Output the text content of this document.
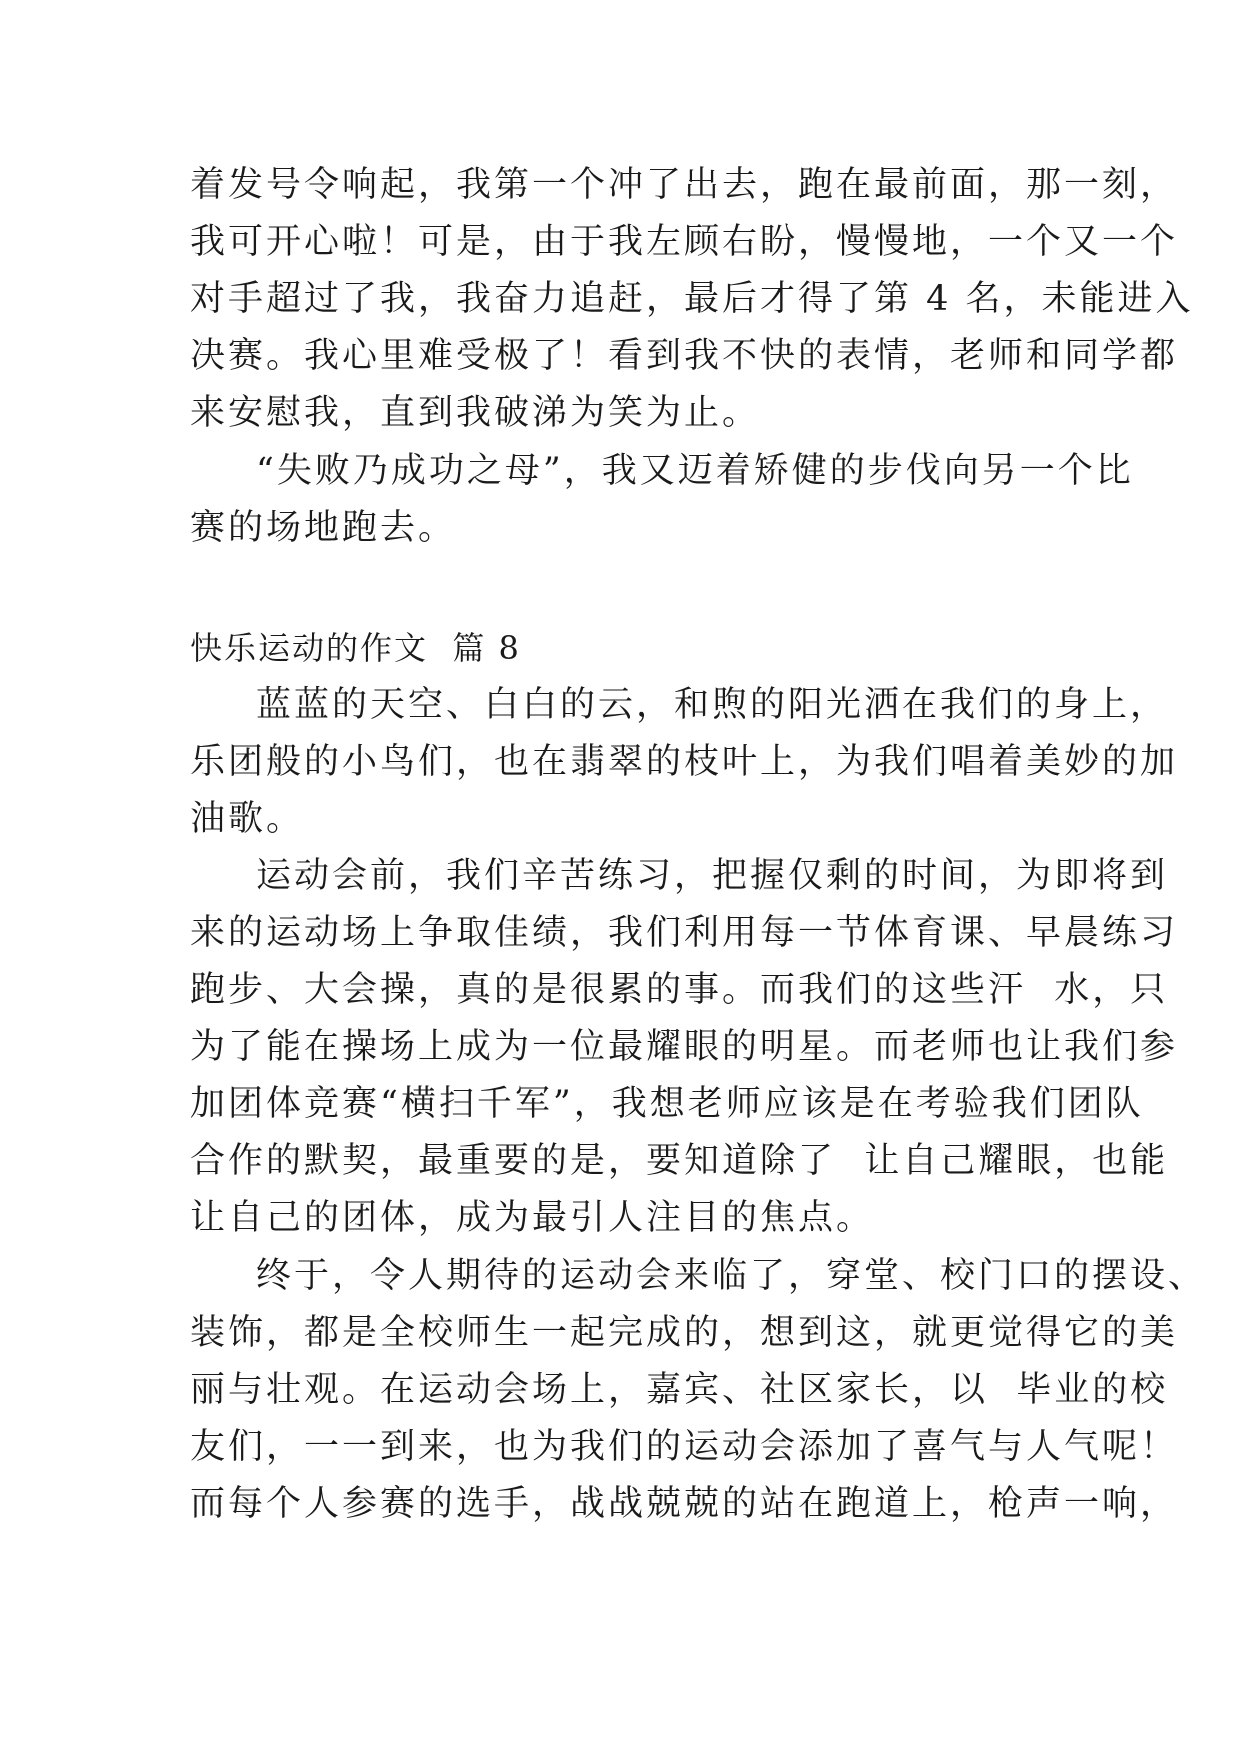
着发号令响起，我第一个冲了出去，跑在最前面，那一刻，
我可开心啦！可是，由于我左顾右盼，慢慢地，一个又一个
对手超过了我，我奋力追赶，最后才得了第 4 名，未能进入
决赛。我心里难受极了！看到我不快的表情，老师和同学都
来安慰我，直到我破涕为笑为止。
“失败乃成功之母”，我又迈着矫健的步伐向另一个比
赛的场地跑去。
快乐运动的作文  篇 8
蓝蓝的天空、白白的云，和煦的阳光洒在我们的身上，
乐团般的小鸟们，也在翡翠的枝叶上，为我们唱着美妙的加
油歌。
运动会前，我们辛苦练习，把握仅剩的时间，为即将到
来的运动场上争取佳绩，我们利用每一节体育课、早晨练习
跑步、大会操，真的是很累的事。而我们的这些汗  水，只
为了能在操场上成为一位最耀眼的明星。而老师也让我们参
加团体竞赛“横扫千军”，我想老师应该是在考验我们团队
合作的默契，最重要的是，要知道除了  让自己耀眼，也能
让自己的团体，成为最引人注目的焦点。
终于，令人期待的运动会来临了，穿堂、校门口的摆设、
装饰，都是全校师生一起完成的，想到这，就更觉得它的美
丽与壮观。在运动会场上，嘉宾、社区家长，以  毕业的校
友们，一一到来，也为我们的运动会添加了喜气与人气呢！
而每个人参赛的选手，战战兢兢的站在跑道上，枪声一响，
